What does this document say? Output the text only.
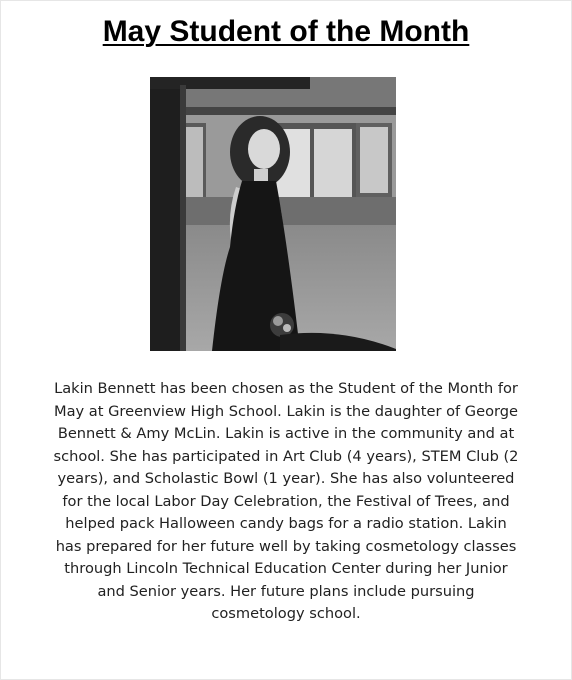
May Student of the Month

Lakin Bennett has been chosen as the Student of the Month for
May at Greenview High School. Lakin is the daughter of George
Bennett & Amy McLin. Lakin is active in the community and at
school. She has participated in Art Club (4 years), STEM Club (2
years), and Scholastic Bowl (1 year). She has also volunteered
for the local Labor Day Celebration, the Festival of Trees, and
helped pack Halloween candy bags for a radio station. Lakin
has prepared for her future well by taking cosmetology classes
through Lincoln Technical Education Center during her Junior
and Senior years. Her future plans include pursuing
cosmetology school.
